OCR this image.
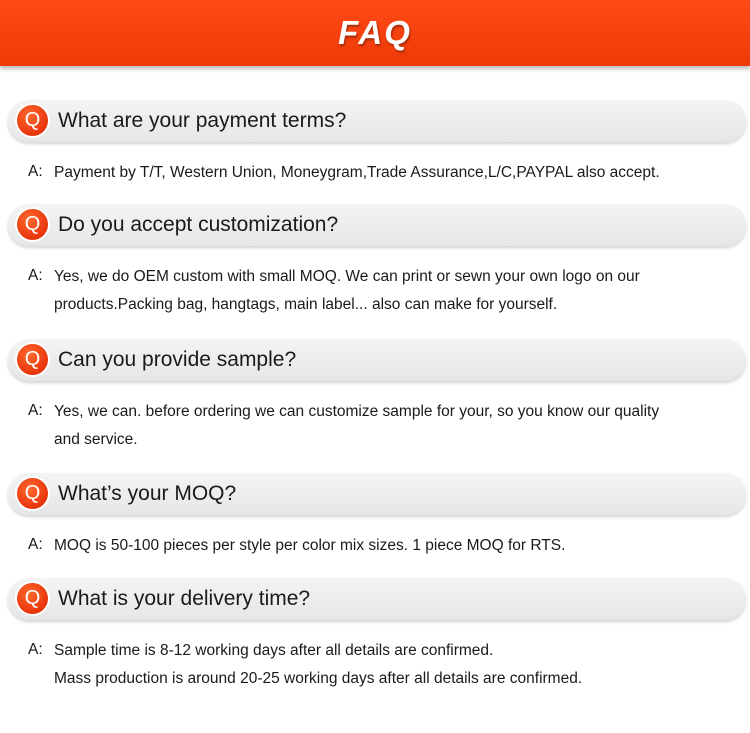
FAQ
Q What are your payment terms?
A: Payment by T/T, Western Union, Moneygram,Trade Assurance,L/C,PAYPAL also accept.
Q Do you accept customization?
A: Yes, we do OEM custom with small MOQ. We can print or sewn your own logo on our
products.Packing bag, hangtags, main label... also can make for yourself.
Q Can you provide sample?
A: Yes, we can. before ordering we can customize sample for your, so you know our quality
and service.
Q What’s your MOQ?
A: MOQ is 50-100 pieces per style per color mix sizes. 1 piece MOQ for RTS.
Q What is your delivery time?
A: Sample time is 8-12 working days after all details are confirmed.
Mass production is around 20-25 working days after all details are confirmed.
